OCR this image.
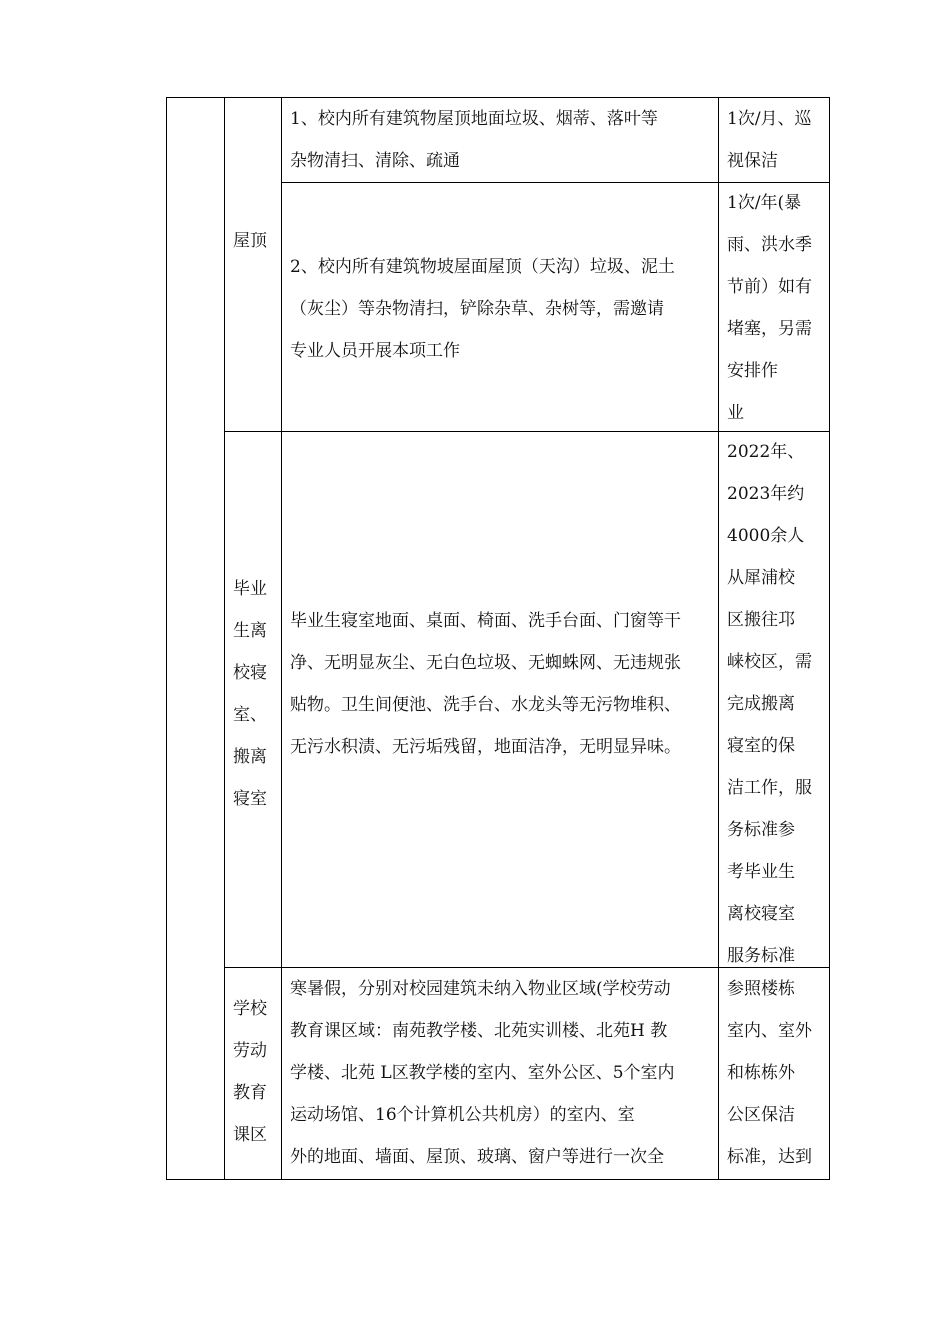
屋顶
1、校内所有建筑物屋顶地面垃圾、烟蒂、落叶等
杂物清扫、清除、疏通
1次/月、巡
视保洁
2、校内所有建筑物坡屋面屋顶（天沟）垃圾、泥土
（灰尘）等杂物清扫，铲除杂草、杂树等，需邀请
专业人员开展本项工作
1次/年(暴
雨、洪水季
节前）如有
堵塞，另需
安排作
业
毕业
生离
校寝
室、
搬离
寝室
毕业生寝室地面、桌面、椅面、洗手台面、门窗等干
净、无明显灰尘、无白色垃圾、无蜘蛛网、无违规张
贴物。卫生间便池、洗手台、水龙头等无污物堆积、
无污水积渍、无污垢残留，地面洁净，无明显异味。
2022年、
2023年约
4000余人
从犀浦校
区搬往邛
崃校区，需
完成搬离
寝室的保
洁工作，服
务标准参
考毕业生
离校寝室
服务标准
学校
劳动
教育
课区
寒暑假，分别对校园建筑未纳入物业区域(学校劳动
教育课区域：南苑教学楼、北苑实训楼、北苑H 教
学楼、北苑 L区教学楼的室内、室外公区、5个室内
运动场馆、16个计算机公共机房）的室内、室
外的地面、墙面、屋顶、玻璃、窗户等进行一次全
参照楼栋
室内、室外
和栋栋外
公区保洁
标准，达到
